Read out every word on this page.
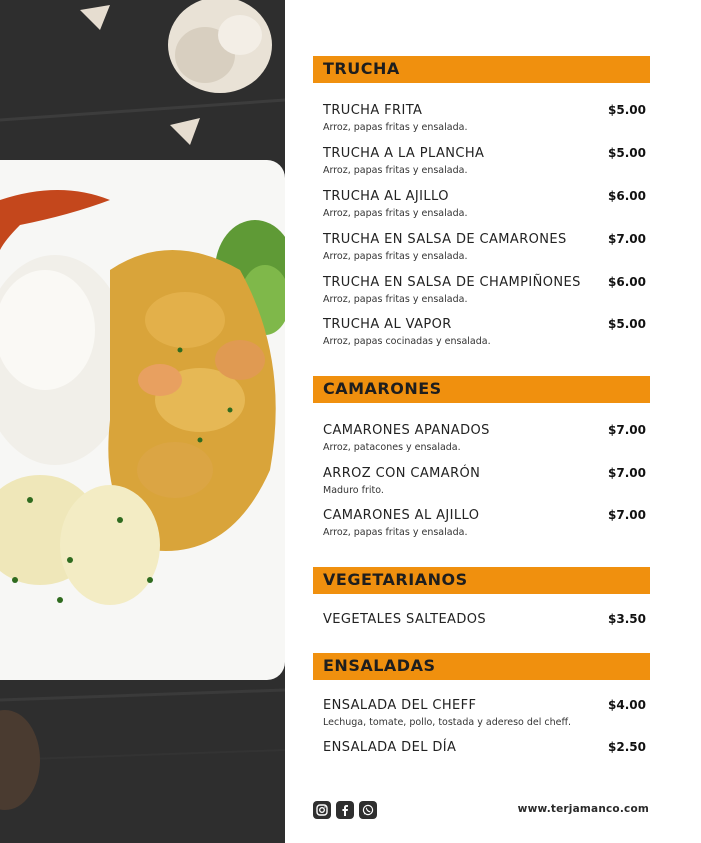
TRUCHA
TRUCHA FRITA	$5.00
Arroz, papas fritas y ensalada.
TRUCHA A LA PLANCHA	$5.00
Arroz, papas fritas y ensalada.
TRUCHA AL AJILLO	$6.00
Arroz, papas fritas y ensalada.
TRUCHA EN SALSA DE CAMARONES	$7.00
Arroz, papas fritas y ensalada.
TRUCHA EN SALSA DE CHAMPIÑONES $6.00
Arroz, papas fritas y ensalada.
TRUCHA AL VAPOR	$5.00
Arroz, papas cocinadas y ensalada.
CAMARONES
CAMARONES APANADOS	$7.00
Arroz, patacones y ensalada.
ARROZ CON CAMARÓN	$7.00
Maduro frito.
CAMARONES AL AJILLO	$7.00
Arroz, papas fritas y ensalada.
VEGETARIANOS
VEGETALES SALTEADOS	$3.50
ENSALADAS
ENSALADA DEL CHEFF	$4.00
Lechuga, tomate, pollo, tostada y adereso del cheff.
ENSALADA DEL DÍA	$2.50
www.terjamanco.com
